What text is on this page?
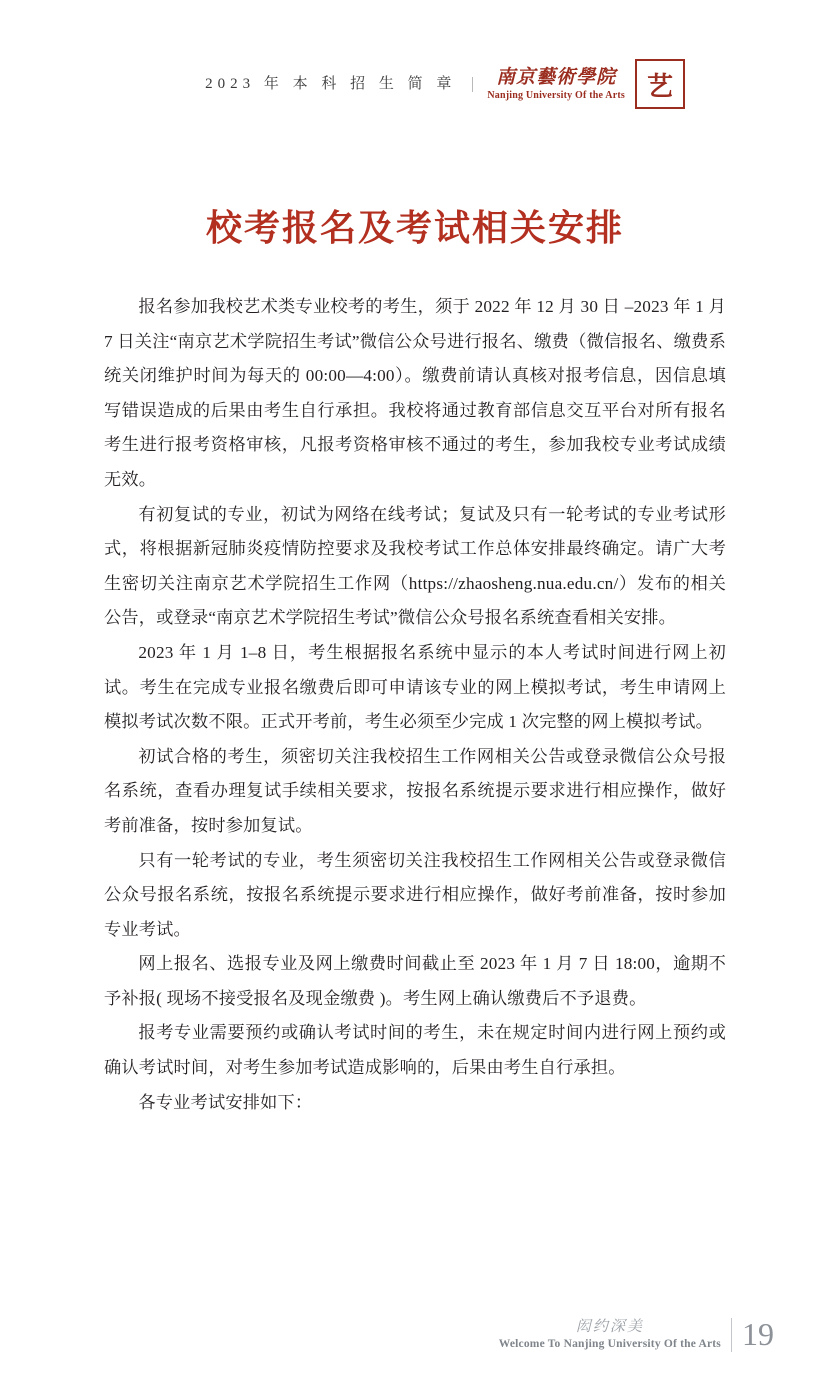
2023 年 本 科 招 生 简 章	南京藝術學院
Nanjing University Of the Arts 艺
校考报名及考试相关安排

报名参加我校艺术类专业校考的考生，须于 2022 年 12 月 30 日 –2023 年 1 月 7 日关注“南京艺术学院招生考试”微信公众号进行报名、缴费（微信报名、缴费系统关闭维护时间为每天的 00:00—4:00）。缴费前请认真核对报考信息，因信息填写错误造成的后果由考生自行承担。我校将通过教育部信息交互平台对所有报名考生进行报考资格审核，凡报考资格审核不通过的考生，参加我校专业考试成绩无效。

有初复试的专业，初试为网络在线考试；复试及只有一轮考试的专业考试形式，将根据新冠肺炎疫情防控要求及我校考试工作总体安排最终确定。请广大考生密切关注南京艺术学院招生工作网（https://zhaosheng.nua.edu.cn/）发布的相关公告，或登录“南京艺术学院招生考试”微信公众号报名系统查看相关安排。

2023 年 1 月 1–8 日，考生根据报名系统中显示的本人考试时间进行网上初试。考生在完成专业报名缴费后即可申请该专业的网上模拟考试，考生申请网上模拟考试次数不限。正式开考前，考生必须至少完成 1 次完整的网上模拟考试。

初试合格的考生，须密切关注我校招生工作网相关公告或登录微信公众号报名系统，查看办理复试手续相关要求，按报名系统提示要求进行相应操作，做好考前准备，按时参加复试。

只有一轮考试的专业，考生须密切关注我校招生工作网相关公告或登录微信公众号报名系统，按报名系统提示要求进行相应操作，做好考前准备，按时参加专业考试。

网上报名、选报专业及网上缴费时间截止至 2023 年 1 月 7 日 18:00，逾期不予补报( 现场不接受报名及现金缴费 )。考生网上确认缴费后不予退费。

报考专业需要预约或确认考试时间的考生，未在规定时间内进行网上预约或确认考试时间，对考生参加考试造成影响的，后果由考生自行承担。

各专业考试安排如下：

闳约深美
Welcome To Nanjing University Of the Arts 19
